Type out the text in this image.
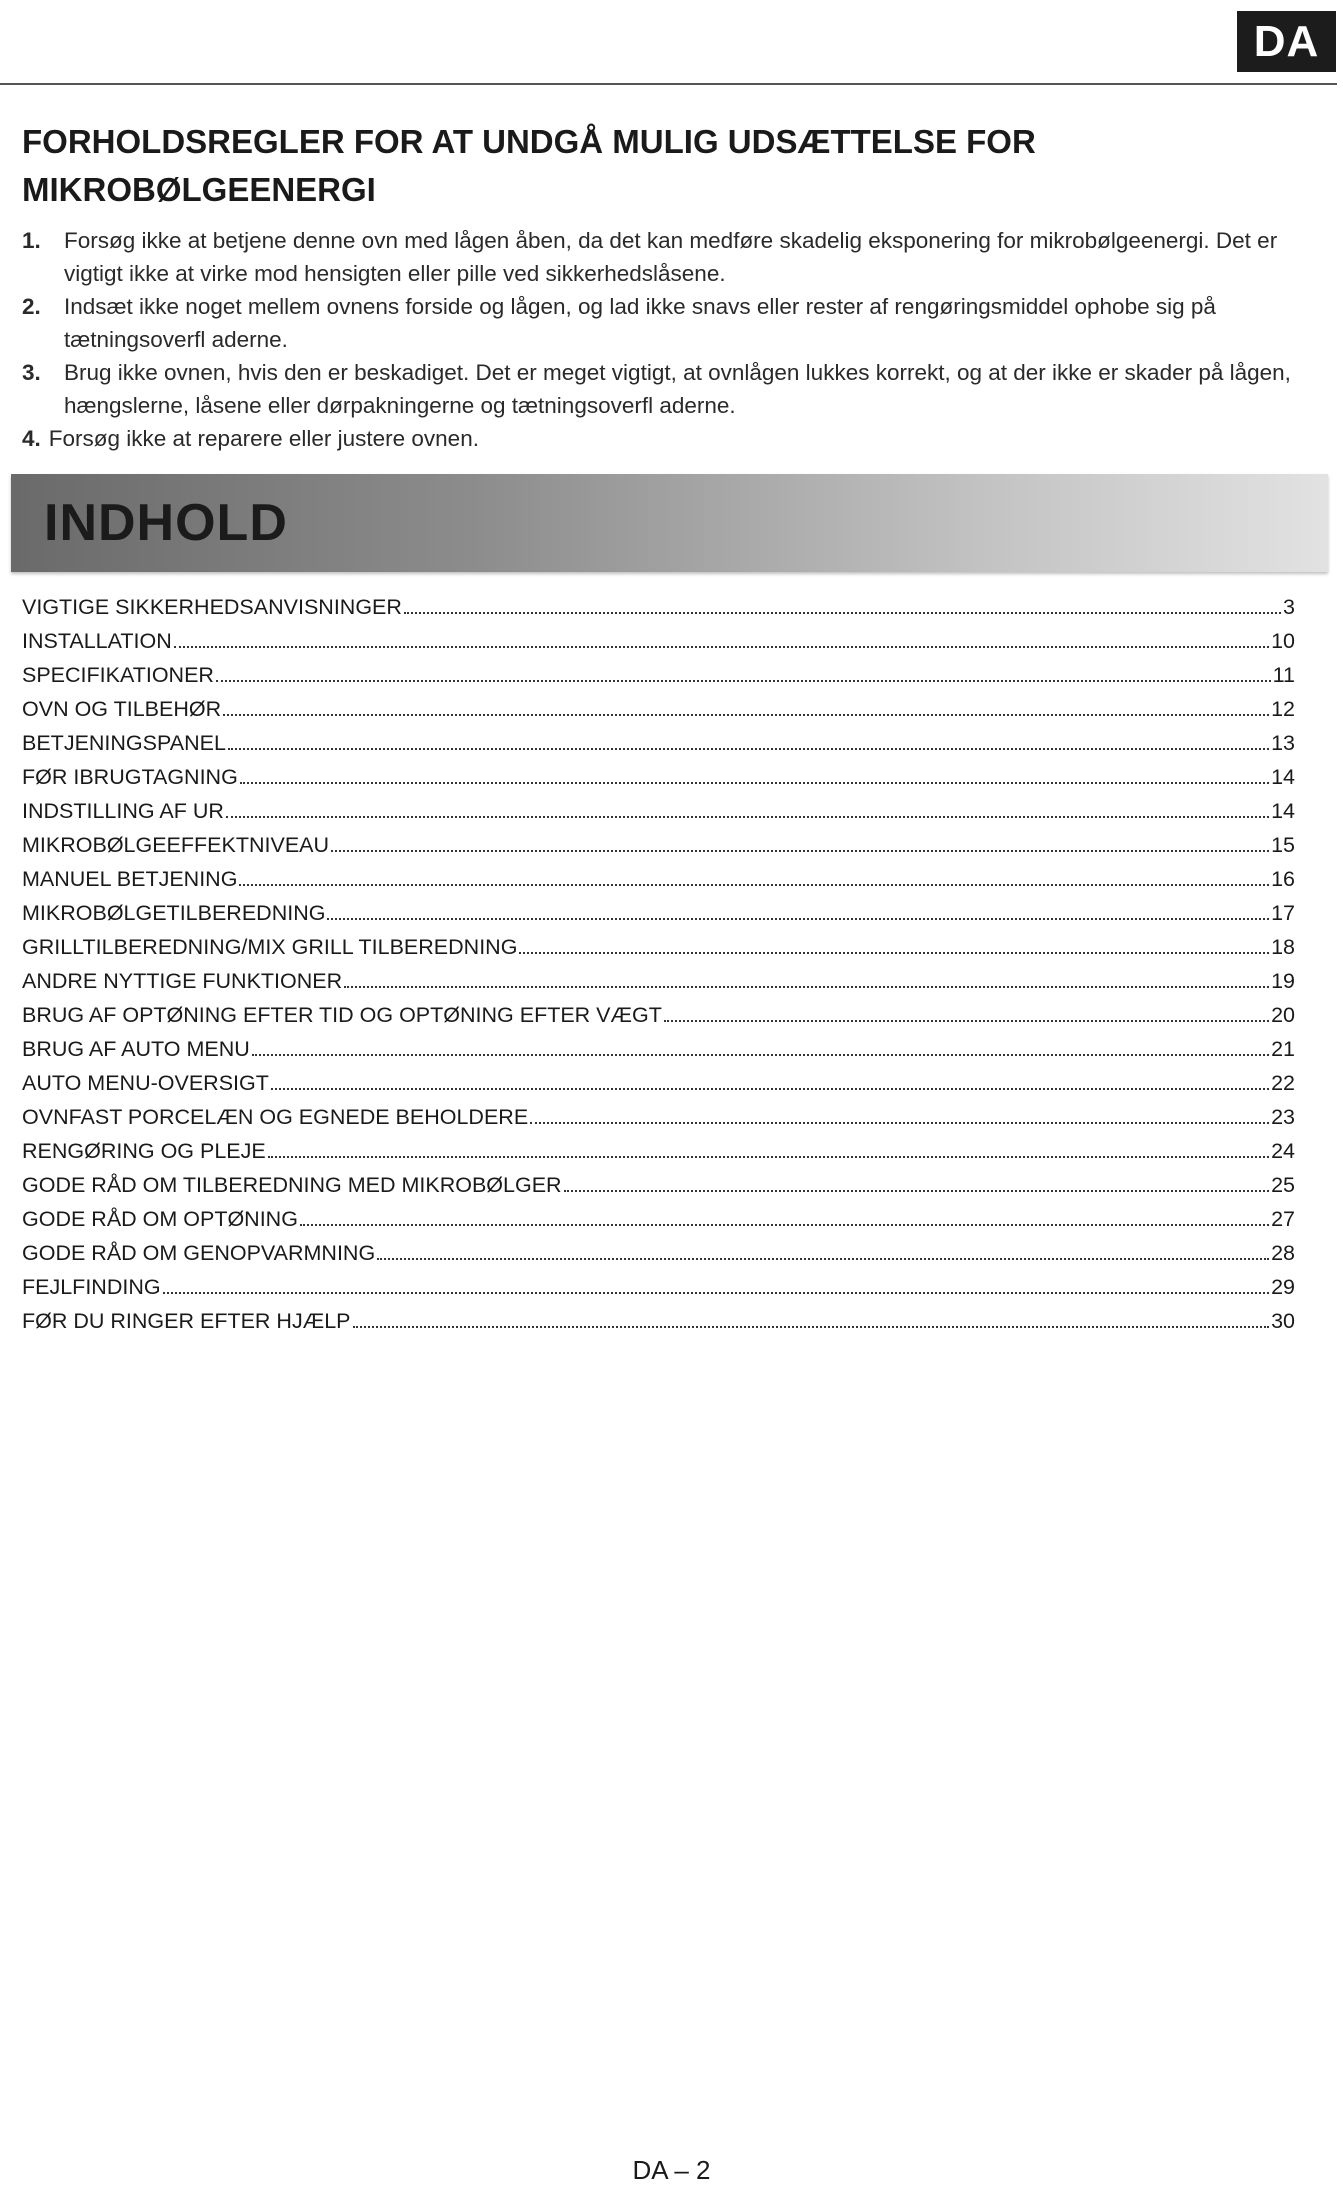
DA
FORHOLDSREGLER FOR AT UNDGÅ MULIG UDSÆTTELSE FOR MIKROBØLGEENERGI
1. Forsøg ikke at betjene denne ovn med lågen åben, da det kan medføre skadelig eksponering for mikrobølgeenergi. Det er vigtigt ikke at virke mod hensigten eller pille ved sikkerhedslåsene.
2. Indsæt ikke noget mellem ovnens forside og lågen, og lad ikke snavs eller rester af rengøringsmiddel ophobe sig på tætningsoverfl aderne.
3. Brug ikke ovnen, hvis den er beskadiget. Det er meget vigtigt, at ovnlågen lukkes korrekt, og at der ikke er skader på lågen, hængslerne, låsene eller dørpakningerne og tætningsoverfl aderne.
4. Forsøg ikke at reparere eller justere ovnen.
INDHOLD
VIGTIGE SIKKERHEDSANVISNINGER	3
INSTALLATION	10
SPECIFIKATIONER	11
OVN OG TILBEHØR	12
BETJENINGSPANEL	13
FØR IBRUGTAGNING	14
INDSTILLING AF UR	14
MIKROBØLGEEFFEKTNIVEAU	15
MANUEL BETJENING	16
MIKROBØLGETILBEREDNING	17
GRILLTILBEREDNING/MIX GRILL TILBEREDNING	18
ANDRE NYTTIGE FUNKTIONER	19
BRUG AF OPTØNING EFTER TID OG OPTØNING EFTER VÆGT	20
BRUG AF AUTO MENU	21
AUTO MENU-OVERSIGT	22
OVNFAST PORCELÆN OG EGNEDE BEHOLDERE	23
RENGØRING OG PLEJE	24
GODE RÅD OM TILBEREDNING MED MIKROBØLGER	25
GODE RÅD OM OPTØNING	27
GODE RÅD OM GENOPVARMNING	28
FEJLFINDING	29
FØR DU RINGER EFTER HJÆLP	30
DA – 2
